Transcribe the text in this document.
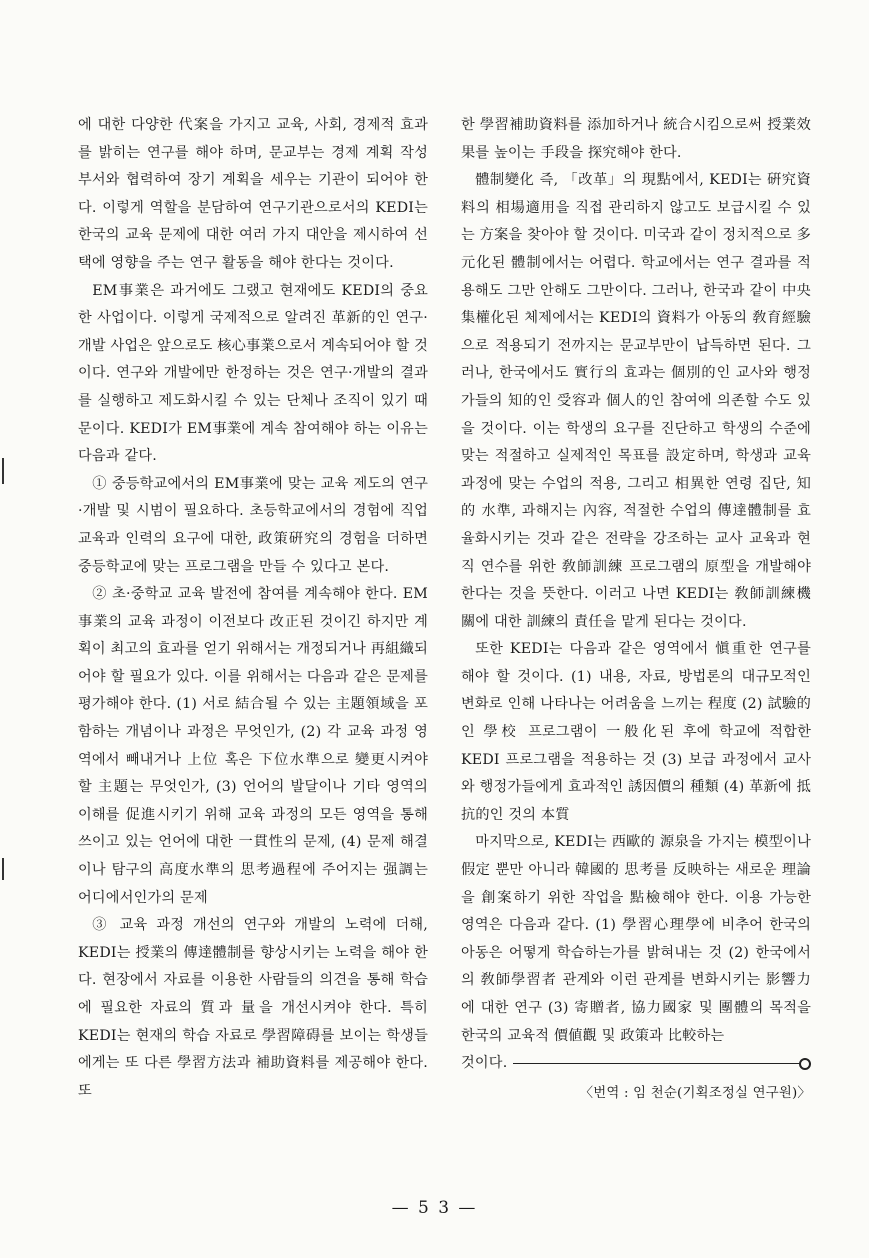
에 대한 다양한 代案을 가지고 교육, 사회, 경제적 효과를 밝히는 연구를 해야 하며, 문교부는 경제 계획 작성 부서와 협력하여 장기 계획을 세우는 기관이 되어야 한다. 이렇게 역할을 분담하여 연구기관으로서의 KEDI는 한국의 교육 문제에 대한 여러 가지 대안을 제시하여 선택에 영향을 주는 연구 활동을 해야 한다는 것이다.

EM事業은 과거에도 그랬고 현재에도 KEDI의 중요한 사업이다. 이렇게 국제적으로 알려진 革新的인 연구·개발 사업은 앞으로도 核心事業으로서 계속되어야 할 것이다. 연구와 개발에만 한정하는 것은 연구·개발의 결과를 실행하고 제도화시킬 수 있는 단체나 조직이 있기 때문이다. KEDI가 EM事業에 계속 참여해야 하는 이유는 다음과 같다.

① 중등학교에서의 EM事業에 맞는 교육 제도의 연구·개발 및 시범이 필요하다. 초등학교에서의 경험에 직업 교육과 인력의 요구에 대한, 政策硏究의 경험을 더하면 중등학교에 맞는 프로그램을 만들 수 있다고 본다.

② 초·중학교 교육 발전에 참여를 계속해야 한다. EM事業의 교육 과정이 이전보다 改正된 것이긴 하지만 계획이 최고의 효과를 얻기 위해서는 개정되거나 再組織되어야 할 필요가 있다. 이를 위해서는 다음과 같은 문제를 평가해야 한다. (1) 서로 結合될 수 있는 主題領域을 포함하는 개념이나 과정은 무엇인가, (2) 각 교육 과정 영역에서 빼내거나 上位 혹은 下位水準으로 變更시켜야 할 主題는 무엇인가, (3) 언어의 발달이나 기타 영역의 이해를 促進시키기 위해 교육 과정의 모든 영역을 통해 쓰이고 있는 언어에 대한 一貫性의 문제, (4) 문제 해결이나 탐구의 高度水準의 思考過程에 주어지는 强調는 어디에서인가의 문제

③ 교육 과정 개선의 연구와 개발의 노력에 더해, KEDI는 授業의 傳達體制를 향상시키는 노력을 해야 한다. 현장에서 자료를 이용한 사람들의 의견을 통해 학습에 필요한 자료의 質과 量을 개선시켜야 한다. 특히 KEDI는 현재의 학습 자료로 學習障碍를 보이는 학생들에게는 또 다른 學習方法과 補助資料를 제공해야 한다. 또

한 學習補助資料를 添加하거나 統合시킴으로써 授業效果를 높이는 手段을 探究해야 한다.

體制變化 즉, 「改革」의 現點에서, KEDI는 硏究資料의 相場適用을 직접 관리하지 않고도 보급시킬 수 있는 方案을 찾아야 할 것이다. 미국과 같이 정치적으로 多元化된 體制에서는 어렵다. 학교에서는 연구 결과를 적용해도 그만 안해도 그만이다. 그러나, 한국과 같이 中央集權化된 체제에서는 KEDI의 資料가 아동의 敎育經驗으로 적용되기 전까지는 문교부만이 납득하면 된다. 그러나, 한국에서도 實行의 효과는 個別的인 교사와 행정가들의 知的인 受容과 個人的인 참여에 의존할 수도 있을 것이다. 이는 학생의 요구를 진단하고 학생의 수준에 맞는 적절하고 실제적인 목표를 設定하며, 학생과 교육 과정에 맞는 수업의 적용, 그리고 相異한 연령 집단, 知的 水準, 과해지는 內容, 적절한 수업의 傳達體制를 효율화시키는 것과 같은 전략을 강조하는 교사 교육과 현직 연수를 위한 敎師訓練 프로그램의 原型을 개발해야 한다는 것을 뜻한다. 이러고 나면 KEDI는 敎師訓練機關에 대한 訓練의 責任을 맡게 된다는 것이다.

또한 KEDI는 다음과 같은 영역에서 愼重한 연구를 해야 할 것이다. (1) 내용, 자료, 방법론의 대규모적인 변화로 인해 나타나는 어려움을 느끼는 程度 (2) 試驗的인 學校 프로그램이 一般化된 후에 학교에 적합한 KEDI 프로그램을 적용하는 것 (3) 보급 과정에서 교사와 행정가들에게 효과적인 誘因價의 種類 (4) 革新에 抵抗的인 것의 本質

마지막으로, KEDI는 西歐的 源泉을 가지는 模型이나 假定 뿐만 아니라 韓國的 思考를 反映하는 새로운 理論을 創案하기 위한 작업을 點檢해야 한다. 이용 가능한 영역은 다음과 같다. (1) 學習心理學에 비추어 한국의 아동은 어떻게 학습하는가를 밝혀내는 것 (2) 한국에서의 敎師學習者 관계와 이런 관계를 변화시키는 影響力에 대한 연구 (3) 寄贈者, 協力國家 및 團體의 목적을 한국의 교육적 價値觀 및 政策과 比較하는

것이다.
〈번역 : 임 천순(기획조정실 연구원)〉
— 5 3 —
